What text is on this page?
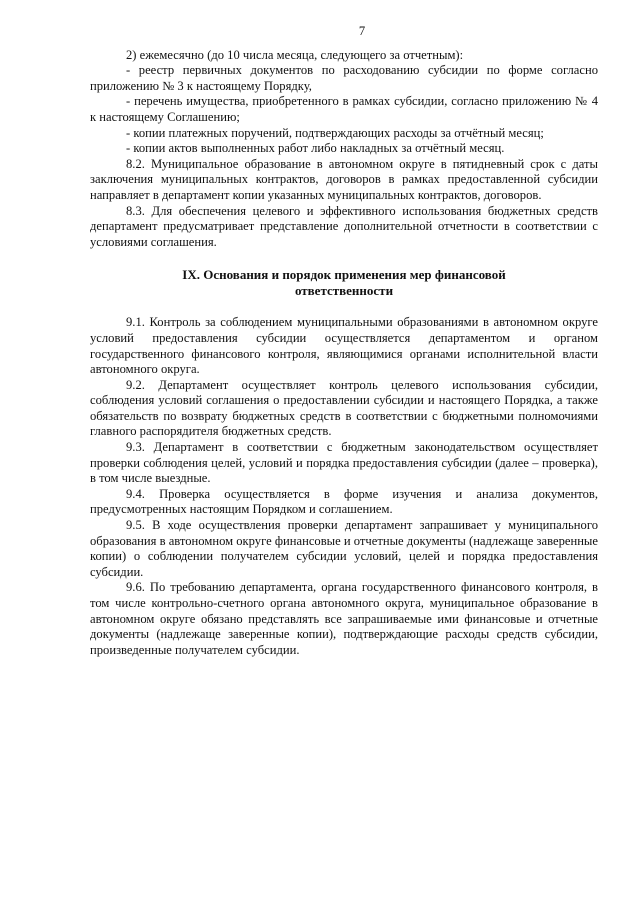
7

2) ежемесячно (до 10 числа месяца, следующего за отчетным):

- реестр первичных документов по расходованию субсидии по форме согласно приложению № 3 к настоящему Порядку,

- перечень имущества, приобретенного в рамках субсидии, согласно приложению № 4 к настоящему Соглашению;

- копии платежных поручений, подтверждающих расходы за отчётный месяц;

- копии актов выполненных работ либо накладных за отчётный месяц.

8.2. Муниципальное образование в автономном округе в пятидневный срок с даты заключения муниципальных контрактов, договоров в рамках предоставленной субсидии направляет в департамент копии указанных муниципальных контрактов, договоров.

8.3. Для обеспечения целевого и эффективного использования бюджетных средств департамент предусматривает представление дополнительной отчетности в соответствии с условиями соглашения.

IX. Основания и порядок применения мер финансовой ответственности

9.1. Контроль за соблюдением муниципальными образованиями в автономном округе условий предоставления субсидии осуществляется департаментом и органом государственного финансового контроля, являющимися органами исполнительной власти автономного округа.

9.2. Департамент осуществляет контроль целевого использования субсидии, соблюдения условий соглашения о предоставлении субсидии и настоящего Порядка, а также обязательств по возврату бюджетных средств в соответствии с бюджетными полномочиями главного распорядителя бюджетных средств.

9.3. Департамент в соответствии с бюджетным законодательством осуществляет проверки соблюдения целей, условий и порядка предоставления субсидии (далее – проверка), в том числе выездные.

9.4. Проверка осуществляется в форме изучения и анализа документов, предусмотренных настоящим Порядком и соглашением.

9.5. В ходе осуществления проверки департамент запрашивает у муниципального образования в автономном округе финансовые и отчетные документы (надлежаще заверенные копии) о соблюдении получателем субсидии условий, целей и порядка предоставления субсидии.

9.6. По требованию департамента, органа государственного финансового контроля, в том числе контрольно-счетного органа автономного округа, муниципальное образование в автономном округе обязано представлять все запрашиваемые ими финансовые и отчетные документы (надлежаще заверенные копии), подтверждающие расходы средств субсидии, произведенные получателем субсидии.
